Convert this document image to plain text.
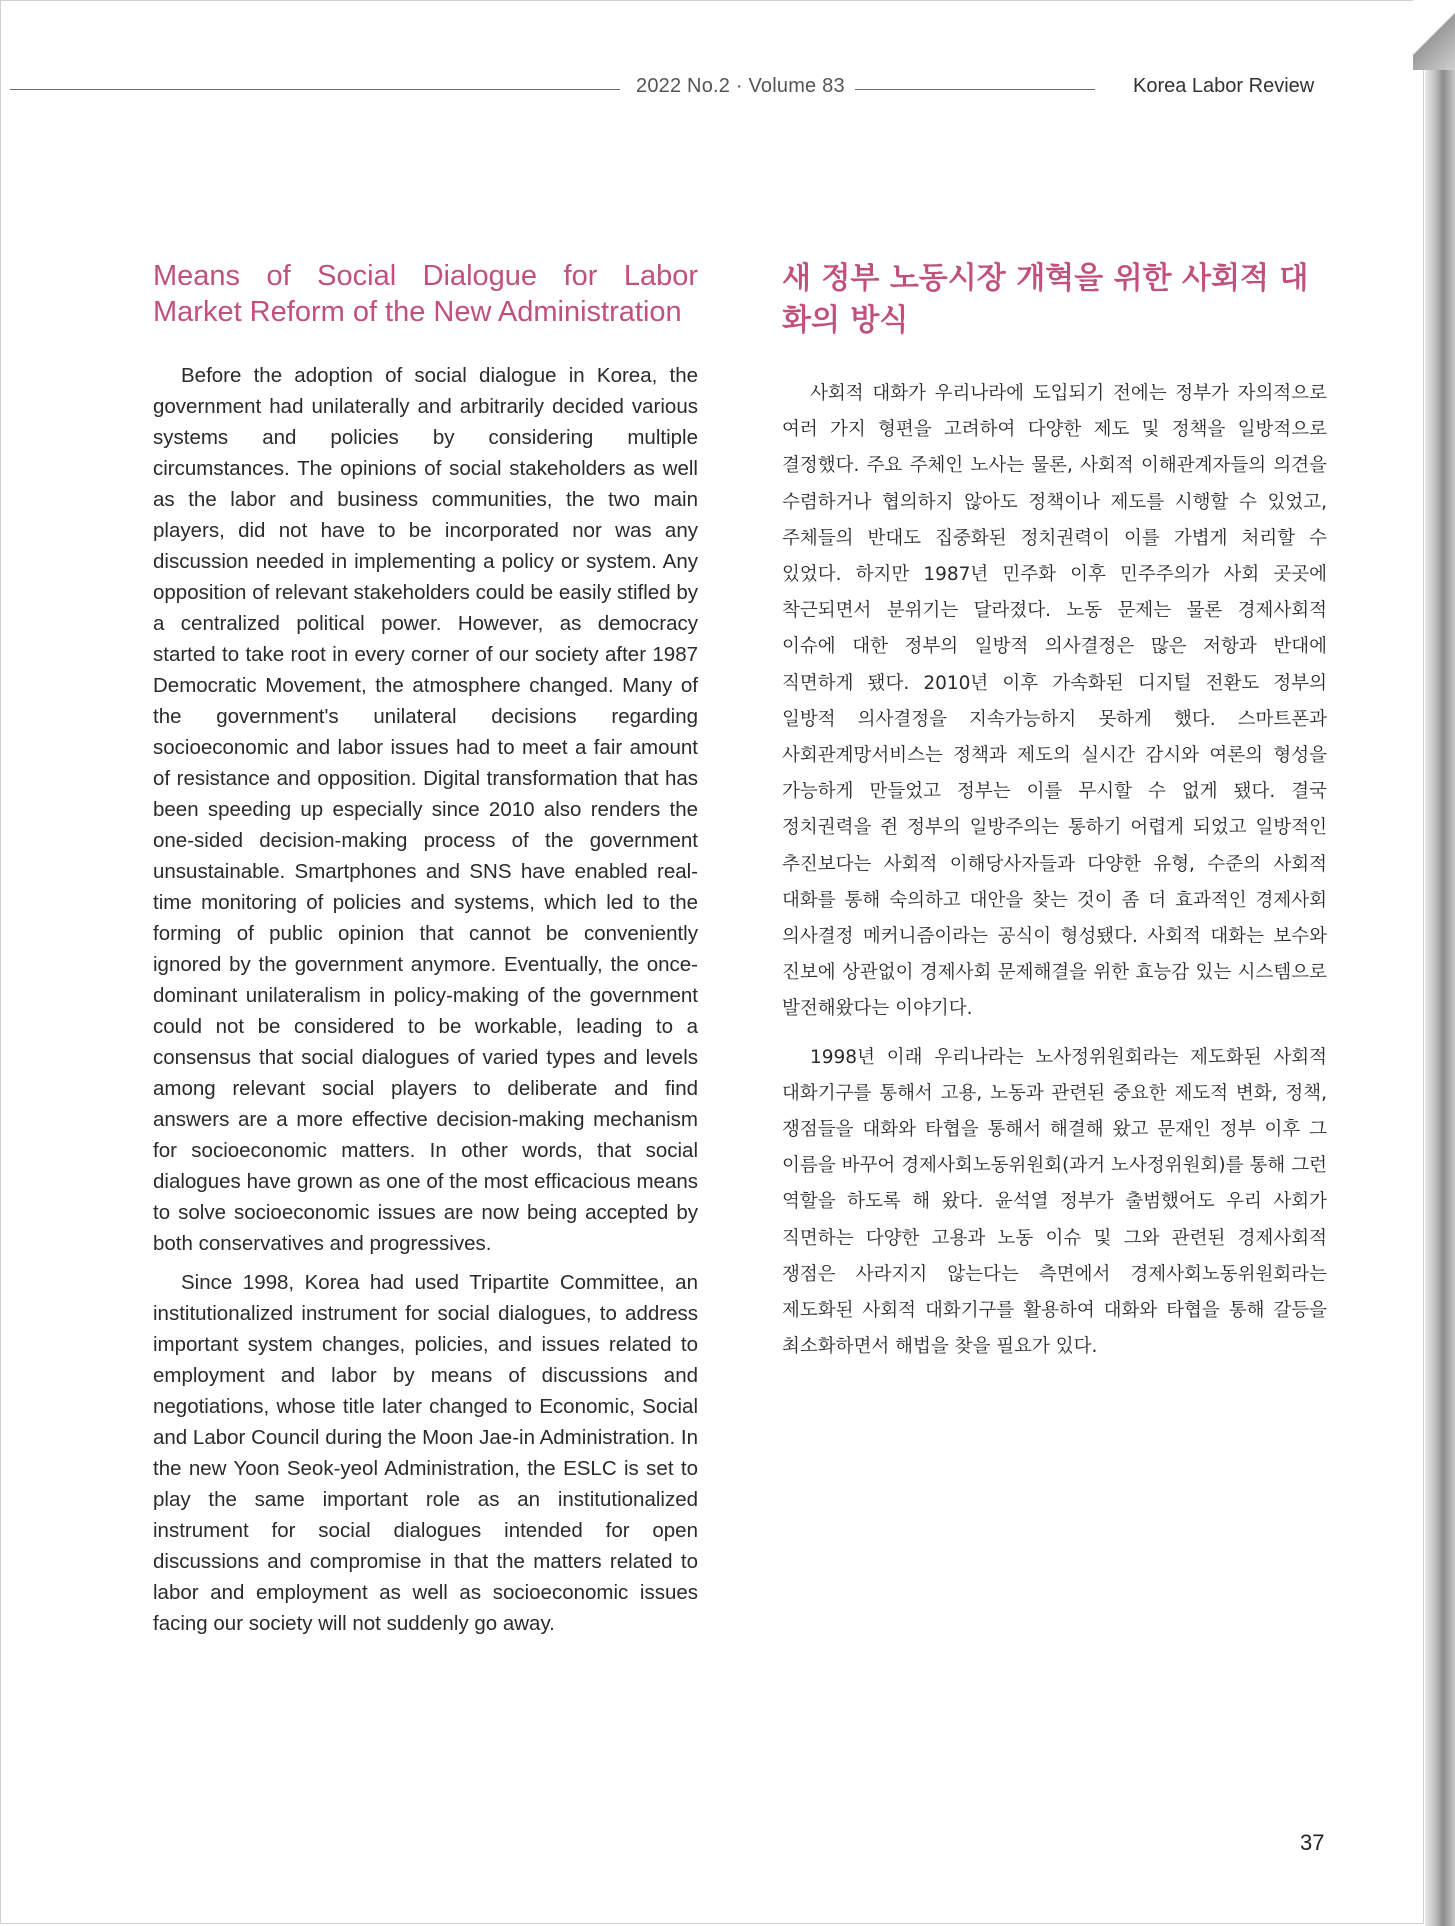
2022 No.2 · Volume 83	Korea Labor Review
Means of Social Dialogue for Labor Market Reform of the New Administration

Before the adoption of social dialogue in Korea, the government had unilaterally and arbitrarily decided various systems and policies by considering multiple circumstances. The opinions of social stakeholders as well as the labor and business communities, the two main players, did not have to be incorporated nor was any discussion needed in implementing a policy or system. Any opposition of relevant stakeholders could be easily stifled by a centralized political power. However, as democracy started to take root in every corner of our society after 1987 Democratic Movement, the atmosphere changed. Many of the government's unilateral decisions regarding socioeconomic and labor issues had to meet a fair amount of resistance and opposition. Digital transformation that has been speeding up especially since 2010 also renders the one-sided decision-making process of the government unsustainable. Smartphones and SNS have enabled real-time monitoring of policies and systems, which led to the forming of public opinion that cannot be conveniently ignored by the government anymore. Eventually, the once-dominant unilateralism in policy-making of the government could not be considered to be workable, leading to a consensus that social dialogues of varied types and levels among relevant social players to deliberate and find answers are a more effective decision-making mechanism for socioeconomic matters. In other words, that social dialogues have grown as one of the most efficacious means to solve socioeconomic issues are now being accepted by both conservatives and progressives.

Since 1998, Korea had used Tripartite Committee, an institutionalized instrument for social dialogues, to address important system changes, policies, and issues related to employment and labor by means of discussions and negotiations, whose title later changed to Economic, Social and Labor Council during the Moon Jae-in Administration. In the new Yoon Seok-yeol Administration, the ESLC is set to play the same important role as an institutionalized instrument for social dialogues intended for open discussions and compromise in that the matters related to labor and employment as well as socioeconomic issues facing our society will not suddenly go away.

새 정부 노동시장 개혁을 위한 사회적 대화의 방식

사회적 대화가 우리나라에 도입되기 전에는 정부가 자의적으로 여러 가지 형편을 고려하여 다양한 제도 및 정책을 일방적으로 결정했다. 주요 주체인 노사는 물론, 사회적 이해관계자들의 의견을 수렴하거나 협의하지 않아도 정책이나 제도를 시행할 수 있었고, 주체들의 반대도 집중화된 정치권력이 이를 가볍게 처리할 수 있었다. 하지만 1987년 민주화 이후 민주주의가 사회 곳곳에 착근되면서 분위기는 달라졌다. 노동 문제는 물론 경제사회적 이슈에 대한 정부의 일방적 의사결정은 많은 저항과 반대에 직면하게 됐다. 2010년 이후 가속화된 디지털 전환도 정부의 일방적 의사결정을 지속가능하지 못하게 했다. 스마트폰과 사회관계망서비스는 정책과 제도의 실시간 감시와 여론의 형성을 가능하게 만들었고 정부는 이를 무시할 수 없게 됐다. 결국 정치권력을 쥔 정부의 일방주의는 통하기 어렵게 되었고 일방적인 추진보다는 사회적 이해당사자들과 다양한 유형, 수준의 사회적 대화를 통해 숙의하고 대안을 찾는 것이 좀 더 효과적인 경제사회 의사결정 메커니즘이라는 공식이 형성됐다. 사회적 대화는 보수와 진보에 상관없이 경제사회 문제해결을 위한 효능감 있는 시스템으로 발전해왔다는 이야기다.

1998년 이래 우리나라는 노사정위원회라는 제도화된 사회적 대화기구를 통해서 고용, 노동과 관련된 중요한 제도적 변화, 정책, 쟁점들을 대화와 타협을 통해서 해결해 왔고 문재인 정부 이후 그 이름을 바꾸어 경제사회노동위원회(과거 노사정위원회)를 통해 그런 역할을 하도록 해 왔다. 윤석열 정부가 출범했어도 우리 사회가 직면하는 다양한 고용과 노동 이슈 및 그와 관련된 경제사회적 쟁점은 사라지지 않는다는 측면에서 경제사회노동위원회라는 제도화된 사회적 대화기구를 활용하여 대화와 타협을 통해 갈등을 최소화하면서 해법을 찾을 필요가 있다.

37
